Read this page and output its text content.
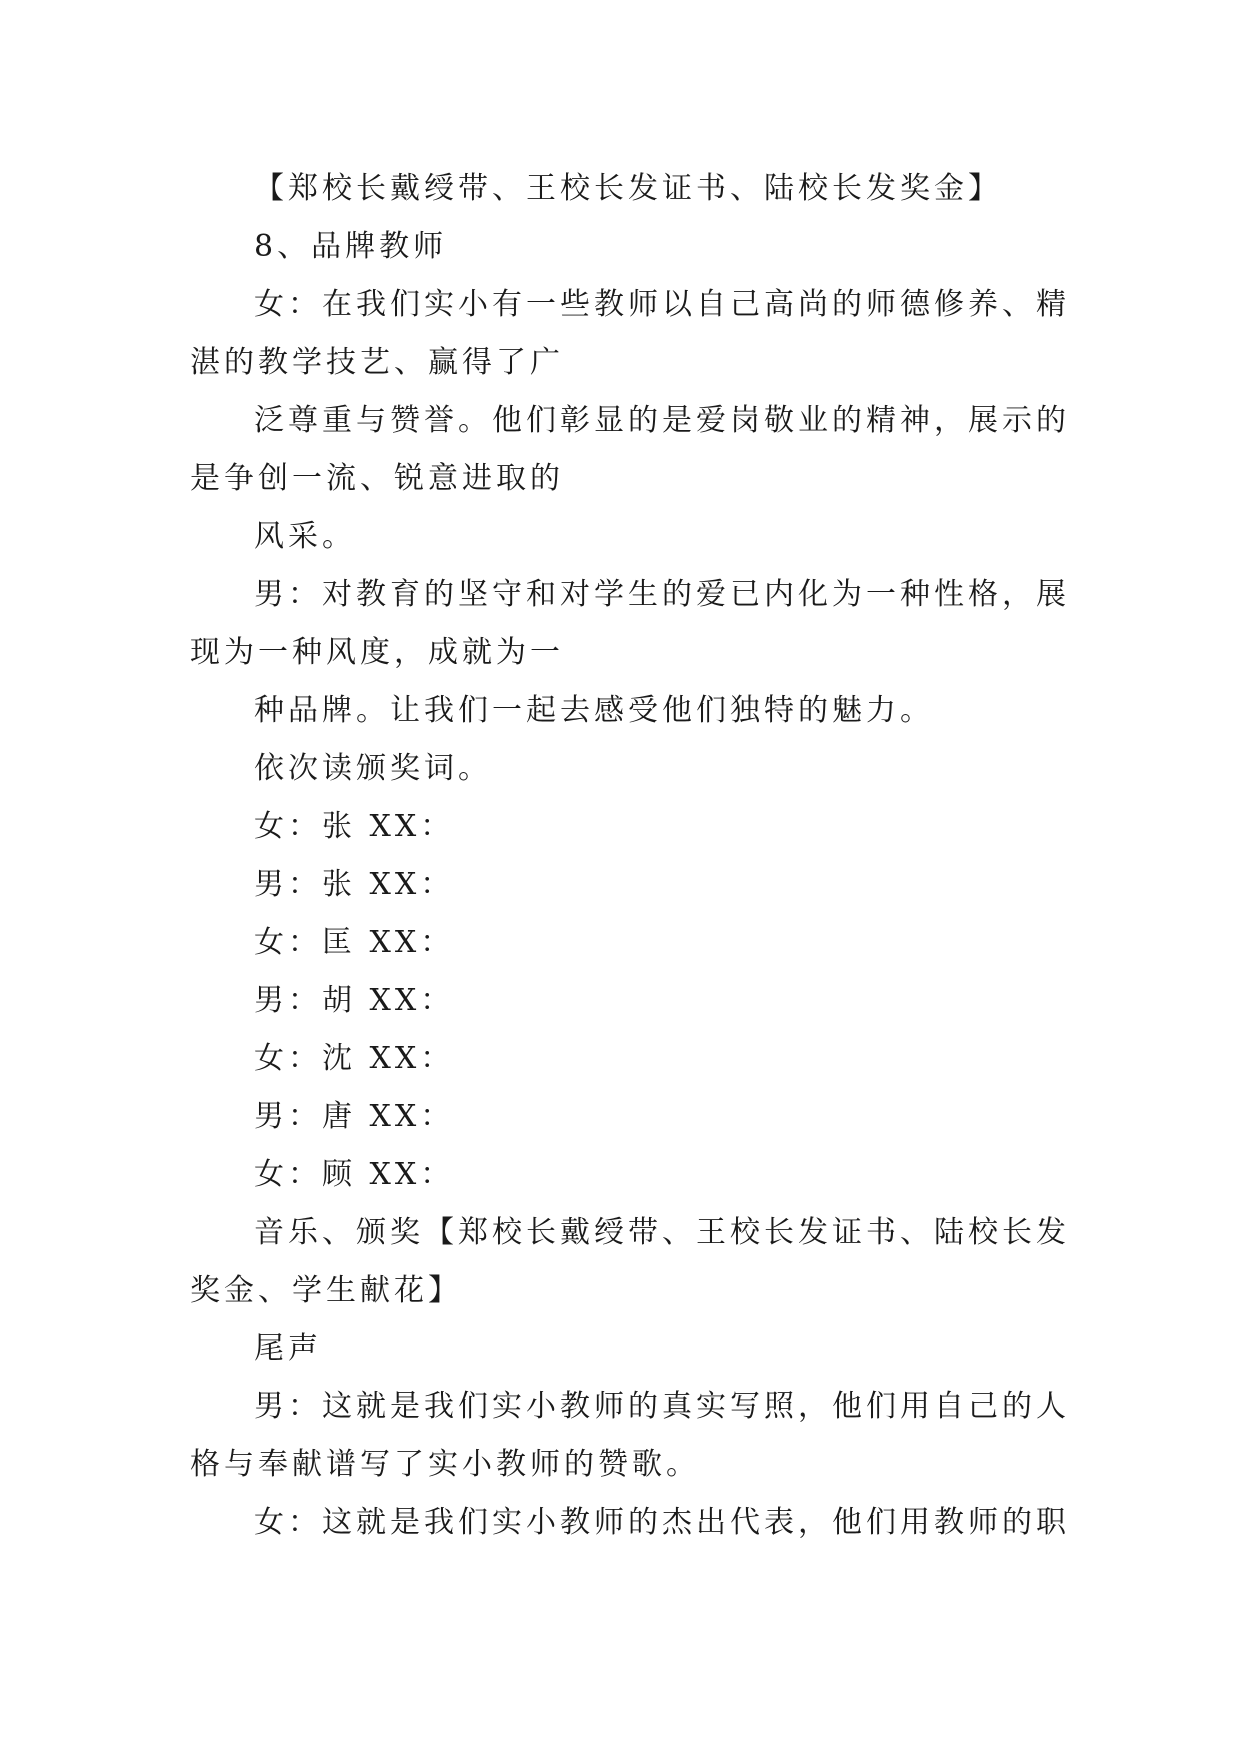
【郑校长戴绶带、王校长发证书、陆校长发奖金】
8、品牌教师
女：在我们实小有一些教师以自己高尚的师德修养、精
湛的教学技艺、赢得了广
泛尊重与赞誉。他们彰显的是爱岗敬业的精神，展示的
是争创一流、锐意进取的
风采。
男：对教育的坚守和对学生的爱已内化为一种性格，展
现为一种风度，成就为一
种品牌。让我们一起去感受他们独特的魅力。
依次读颁奖词。
女：张 XX：
男：张 XX：
女：匡 XX：
男：胡 XX：
女：沈 XX：
男：唐 XX：
女：顾 XX：
音乐、颁奖【郑校长戴绶带、王校长发证书、陆校长发
奖金、学生献花】
尾声
男：这就是我们实小教师的真实写照，他们用自己的人
格与奉献谱写了实小教师的赞歌。
女：这就是我们实小教师的杰出代表，他们用教师的职
